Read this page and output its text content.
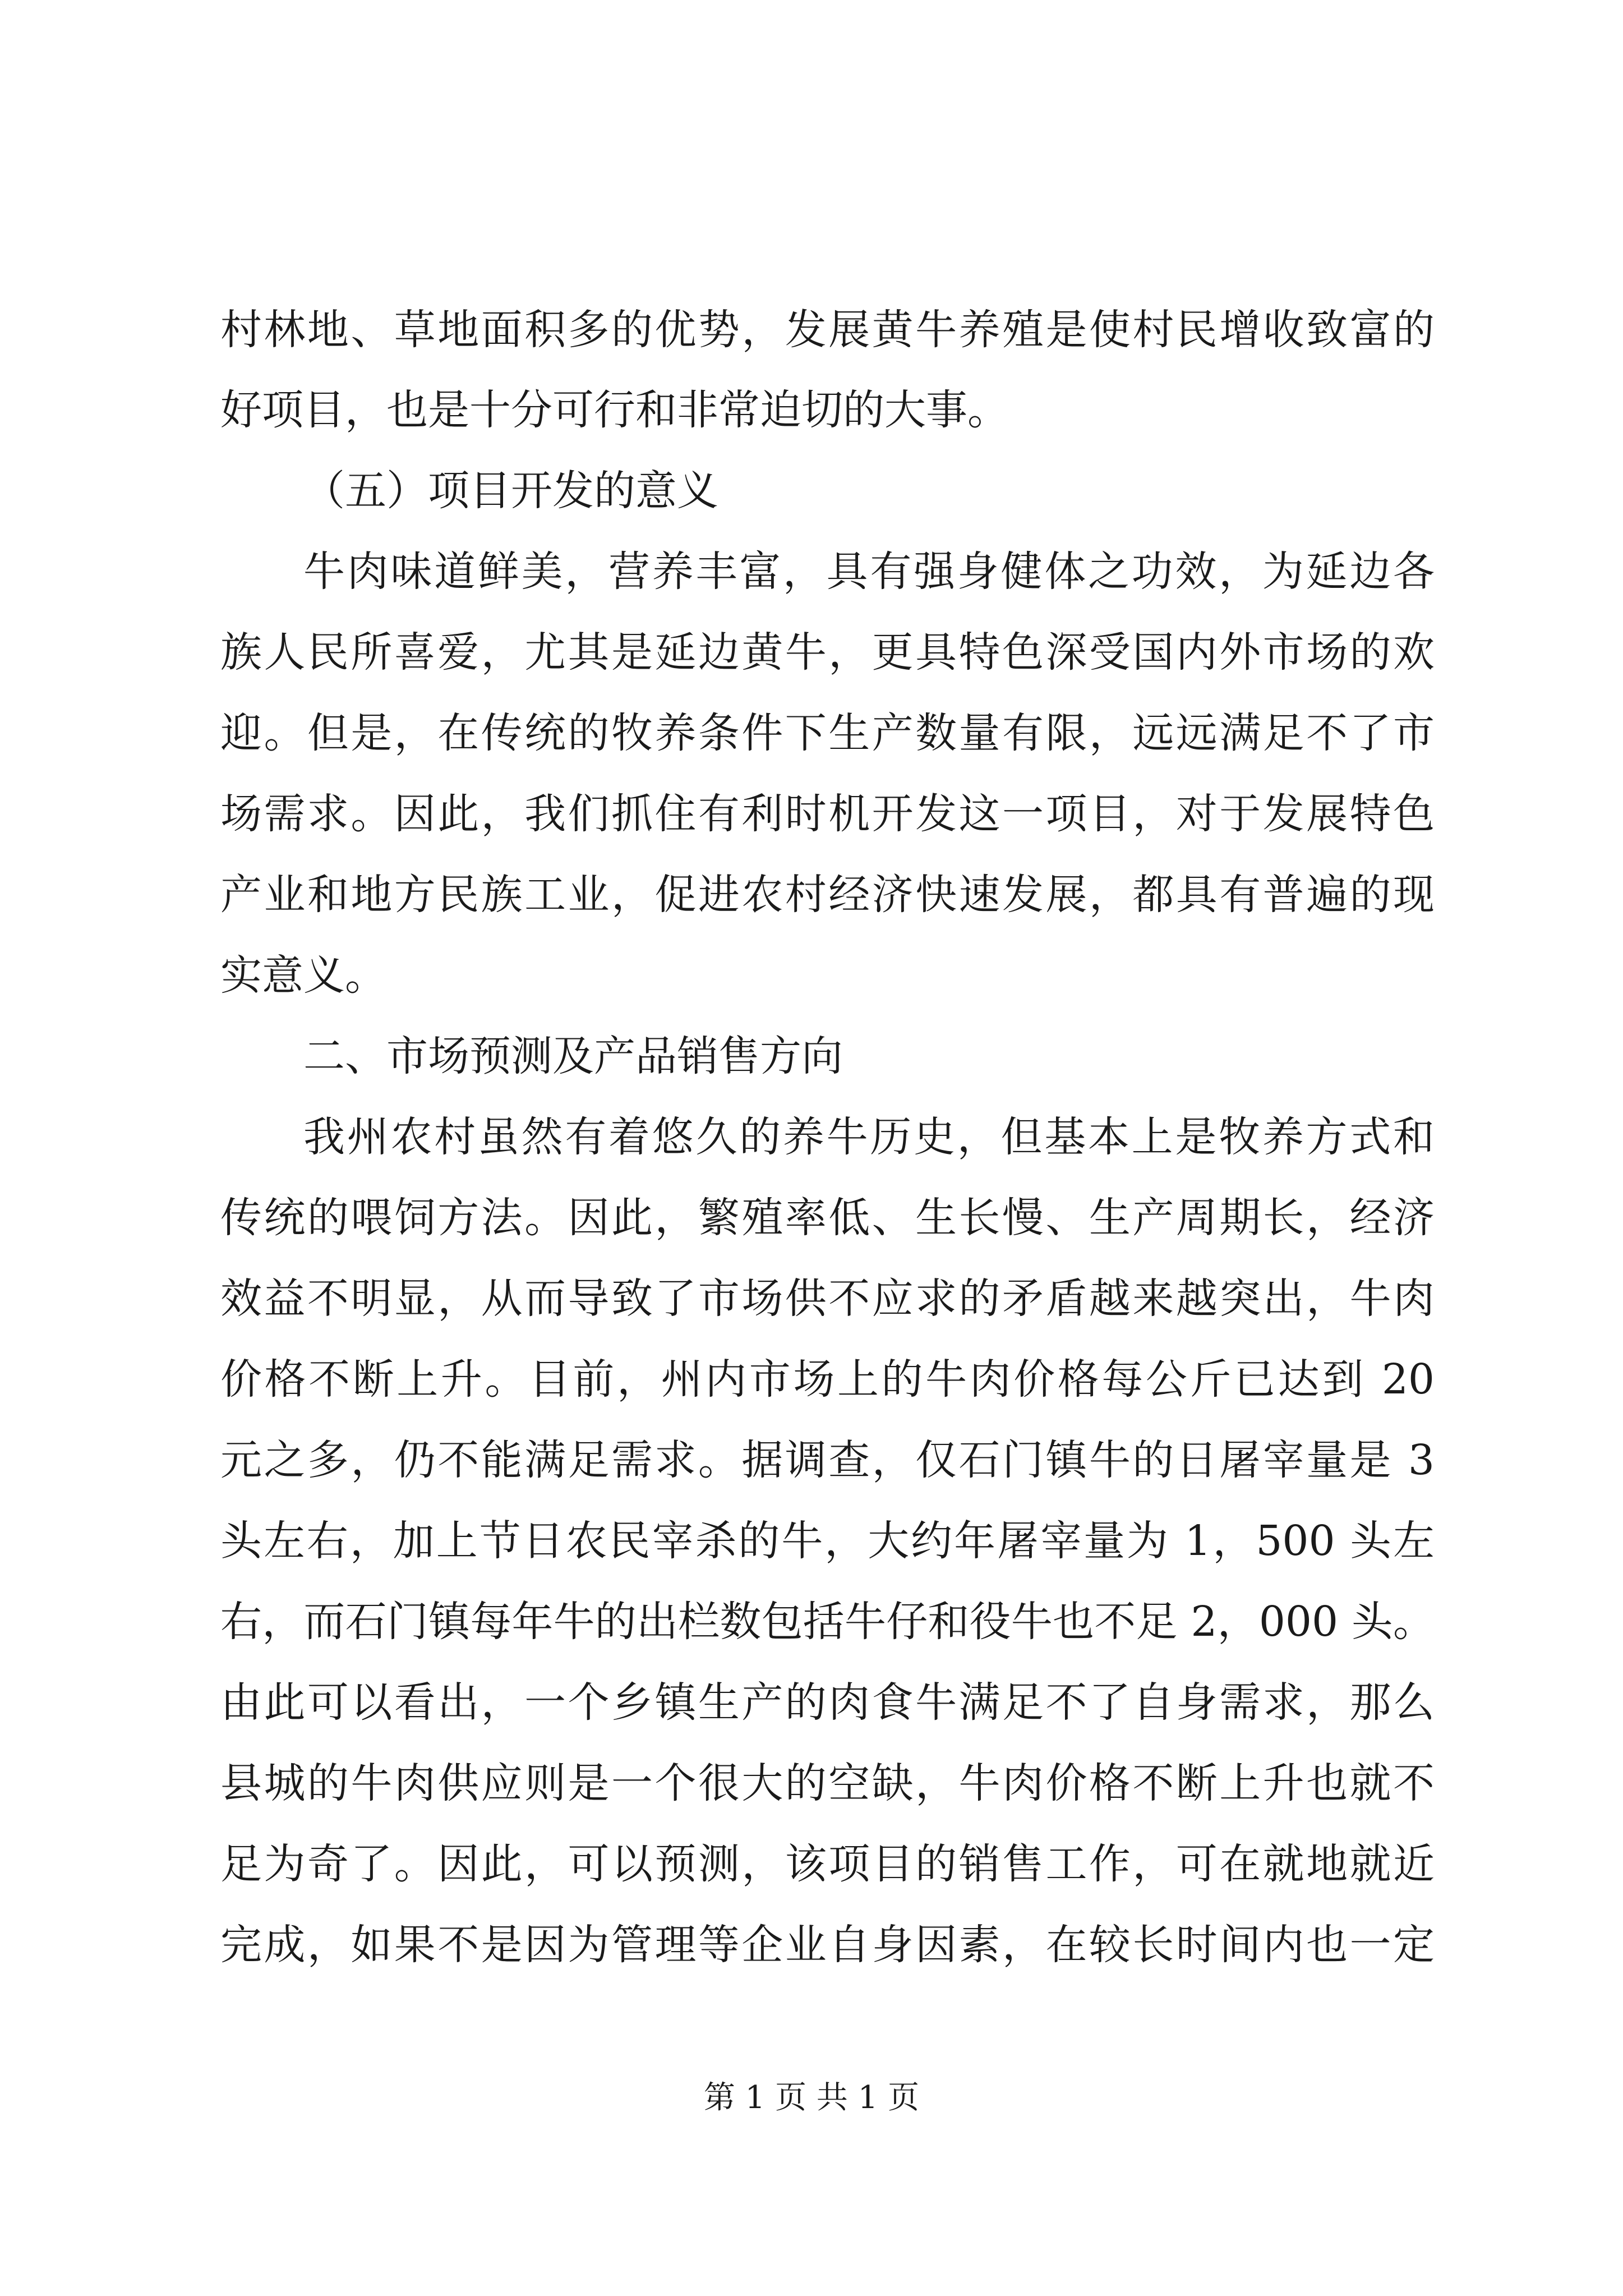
村林地、草地面积多的优势，发展黄牛养殖是使村民增收致富的
好项目，也是十分可行和非常迫切的大事。
（五）项目开发的意义
牛肉味道鲜美，营养丰富，具有强身健体之功效，为延边各
族人民所喜爱，尤其是延边黄牛，更具特色深受国内外市场的欢
迎。但是，在传统的牧养条件下生产数量有限，远远满足不了市
场需求。因此，我们抓住有利时机开发这一项目，对于发展特色
产业和地方民族工业，促进农村经济快速发展，都具有普遍的现
实意义。
二、市场预测及产品销售方向
我州农村虽然有着悠久的养牛历史，但基本上是牧养方式和
传统的喂饲方法。因此，繁殖率低、生长慢、生产周期长，经济
效益不明显，从而导致了市场供不应求的矛盾越来越突出，牛肉
价格不断上升。目前，州内市场上的牛肉价格每公斤已达到 20
元之多，仍不能满足需求。据调查，仅石门镇牛的日屠宰量是 3
头左右，加上节日农民宰杀的牛，大约年屠宰量为 1，500 头左
右，而石门镇每年牛的出栏数包括牛仔和役牛也不足 2，000 头。
由此可以看出，一个乡镇生产的肉食牛满足不了自身需求，那么
县城的牛肉供应则是一个很大的空缺，牛肉价格不断上升也就不
足为奇了。因此，可以预测，该项目的销售工作，可在就地就近
完成，如果不是因为管理等企业自身因素，在较长时间内也一定
第 1 页 共 1 页
